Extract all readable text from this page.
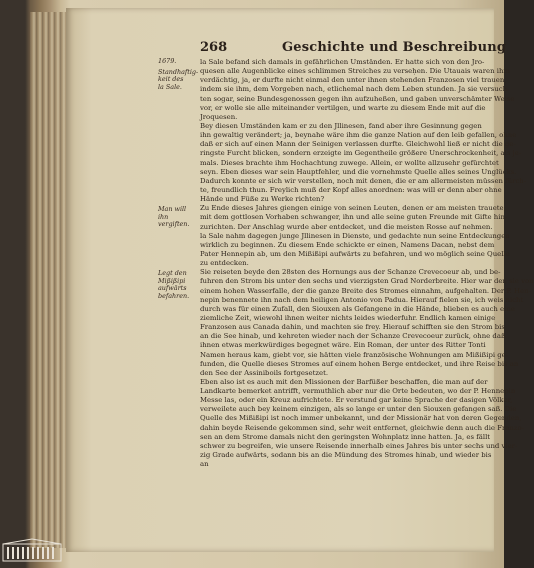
268	Geschichte und Beschreibung
1679.
Standhaftig-
keit des
la Sale.
Man will ihn
vergiften.
Legt den
Mißißipi
aufwärts
befahren.
la Sale befand sich damals in gefährlichen Umständen. Er hatte sich von den Jro-
quesen alle Augenblicke eines schlimmen Streiches zu verseḥen. Die Utauais waren ihm
verdächtig, ja, er durfte nicht einmal den unter ihnen stehenden Franzosen viel trauen,
indem sie ihm, dem Vorgeben nach, etlichemal nach dem Leben stunden. Ja sie versuch-
ten sogar, seine Bundesgenossen gegen ihn aufzuheßen, und gaben unverschämter Weise
vor, er wolle sie alle miteinander vertilgen, und warte zu diesem Ende mit auf die
Jroquesen.
Bey diesen Umständen kam er zu den Jllinesen, fand aber ihre Gesinnung gegen
ihn gewaltig verändert; ja, beynahe wäre ihm die ganze Nation auf den leib gefallen, ohne
daß er sich auf einen Mann der Seinigen verlassen durfte. Gleichwohl ließ er nicht die ge-
ringste Furcht blicken, sondern erzeigte im Gegentheile größere Unerschrockenheit, als je-
mals. Dieses brachte ihm Hochachtung zuwege. Allein, er wollte allzusehr gefürchtet
seyn. Eben dieses war sein Hauptfehler, und die vornehmste Quelle alles seines Unglücks.
Dadurch konnte er sich wir verstellen, noch mit denen, die er am allermeisten müssen fürch-
te, freundlich thun. Freylich muß der Kopf alles anordnen: was will er denn aber ohne
Hände und Füße zu Werke richten?
Zu Ende dieses Jahres giengen einige von seinen Leuten, denen er am meisten trauete,
mit dem gottlosen Vorhaben schwanger, ihn und alle seine guten Freunde mit Gifte hin-
zurichten. Der Anschlag wurde aber entdecket, und die meisten Rosse auf nehmen.
la Sale nahm dagegen junge Jllinesen in Dienste, und gedachte nun seine Entdeckungen
wirklich zu beginnen. Zu diesem Ende schickte er einen, Namens Dacan, nebst dem
Pater Hennepin ab, um den Mißißipi aufwärts zu befahren, und wo möglich seine Quelle
zu entdecken.
Sie reiseten beyde den 28sten des Hornungs aus der Schanze Crevecoeur ab, und be-
fuhren den Strom bis unter den sechs und vierzigsten Grad Norderbreite. Hier war den sie von
einem hohen Wasserfalle, der die ganze Breite des Stromes einnahm, aufgehalten. Der P. Hen-
nepin benennete ihn nach dem heiligen Antonio von Padua. Hierauf fielen sie, ich weis nicht
durch was für einen Zufall, den Siouxen als Gefangene in die Hände, blieben es auch eine
ziemliche Zeit, wiewohl ihnen weiter nichts leides wiederfuhr. Endlich kamen einige
Franzosen aus Canada dahin, und machten sie frey. Hierauf schifften sie den Strom bis
an die See hinab, und kehreten wieder nach der Schanze Crevecoeur zurück, ohne daß
ihnen etwas merkwürdiges begegnet wäre. Ein Roman, der unter des Ritter Tonti
Namen heraus kam, giebt vor, sie hätten viele französische Wohnungen am Mißißipi ge-
funden, die Quelle dieses Stromes auf einem hohen Berge entdecket, und ihre Reise bis an
den See der Assiniboils fortgesetzet.
Eben also ist es auch mit den Missionen der Barfüßer beschaffen, die man auf der
Landkarte bemerket antrifft, vermuthlich aber nur die Orte bedeuten, wo der P. Hennepin
Messe las, oder ein Kreuz aufrichtete. Er verstund gar keine Sprache der dasigen Völker,
verweilete auch bey keinem einzigen, als so lange er unter den Siouxen gefangen saß. Die
Quelle des Mißißipi ist noch immer unbekannt, und der Missionär hat von deren Gegenden,
dahin beyde Reisende gekommen sind, sehr weit entfernet, gleichwie denn auch die Franzo-
sen an dem Strome damals nicht den geringsten Wohnplatz inne hatten. Ja, es fällt
schwer zu begreifen, wie unsere Reisende innerhalb eines Jahres bis unter sechs und vier-
zig Grade aufwärts, sodann bis an die Mündung des Stromes hinab, und wieder bis
an
